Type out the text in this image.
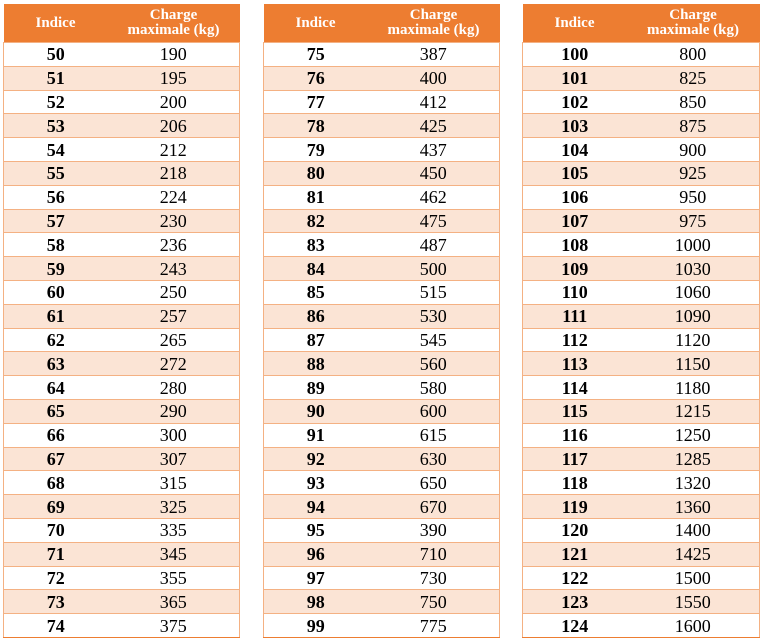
Indice	Charge
maximale (kg)
50	190
51	195
52	200
53	206
54	212
55	218
56	224
57	230
58	236
59	243
60	250
61	257
62	265
63	272
64	280
65	290
66	300
67	307
68	315
69	325
70	335
71	345
72	355
73	365
74	375
Indice	Charge
maximale (kg)
75	387
76	400
77	412
78	425
79	437
80	450
81	462
82	475
83	487
84	500
85	515
86	530
87	545
88	560
89	580
90	600
91	615
92	630
93	650
94	670
95	390
96	710
97	730
98	750
99	775
Indice	Charge
maximale (kg)
100	800
101	825
102	850
103	875
104	900
105	925
106	950
107	975
108	1000
109	1030
110	1060
111	1090
112	1120
113	1150
114	1180
115	1215
116	1250
117	1285
118	1320
119	1360
120	1400
121	1425
122	1500
123	1550
124	1600
